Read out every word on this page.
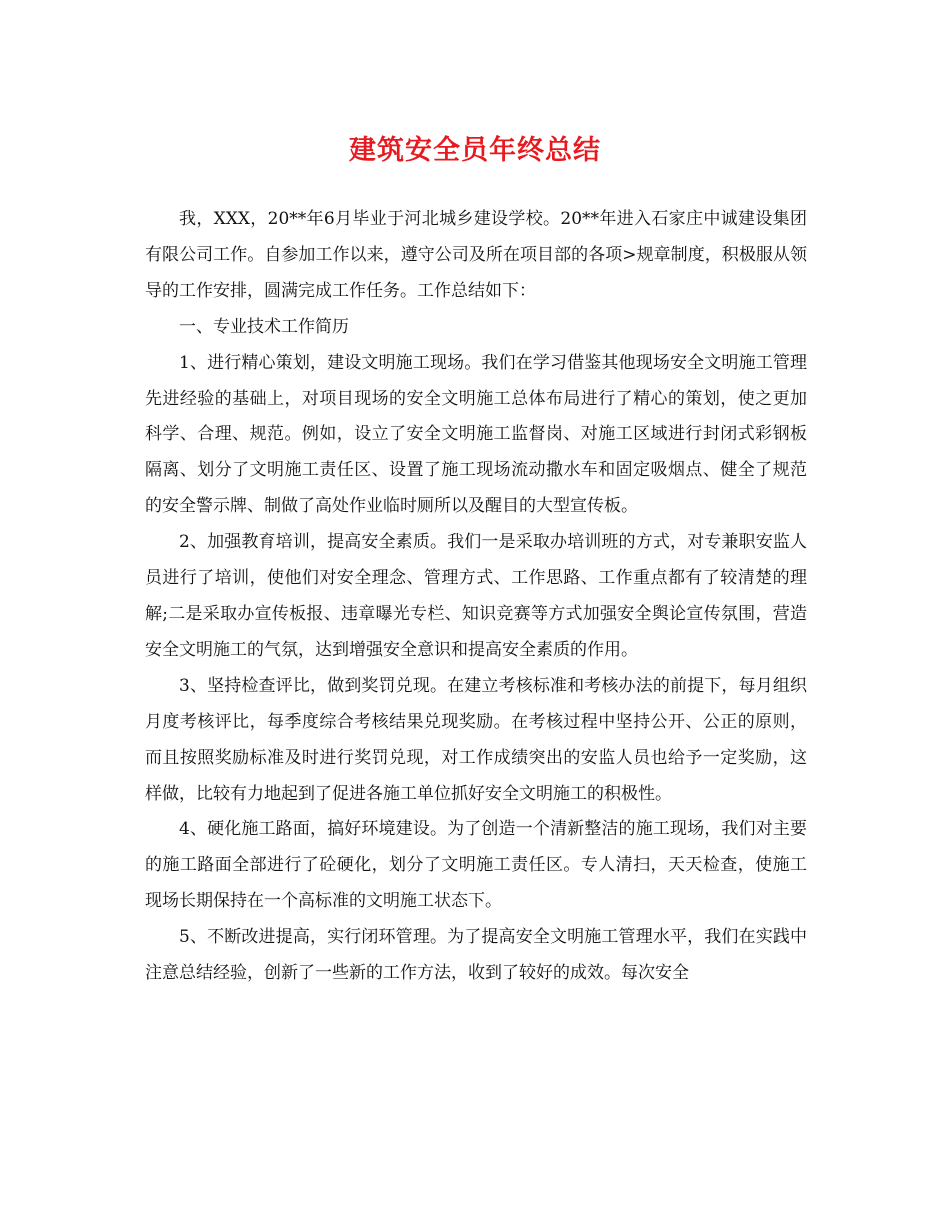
建筑安全员年终总结

我，XXX，20**年6月毕业于河北城乡建设学校。20**年进入石家庄中诚建设集团有限公司工作。自参加工作以来，遵守公司及所在项目部的各项>规章制度，积极服从领导的工作安排，圆满完成工作任务。工作总结如下：

一、专业技术工作简历

1、进行精心策划，建设文明施工现场。我们在学习借鉴其他现场安全文明施工管理先进经验的基础上，对项目现场的安全文明施工总体布局进行了精心的策划，使之更加科学、合理、规范。例如，设立了安全文明施工监督岗、对施工区域进行封闭式彩钢板隔离、划分了文明施工责任区、设置了施工现场流动撒水车和固定吸烟点、健全了规范的安全警示牌、制做了高处作业临时厕所以及醒目的大型宣传板。

2、加强教育培训，提高安全素质。我们一是采取办培训班的方式，对专兼职安监人员进行了培训，使他们对安全理念、管理方式、工作思路、工作重点都有了较清楚的理解;二是采取办宣传板报、违章曝光专栏、知识竞赛等方式加强安全舆论宣传氛围，营造安全文明施工的气氛，达到增强安全意识和提高安全素质的作用。

3、坚持检查评比，做到奖罚兑现。在建立考核标准和考核办法的前提下，每月组织月度考核评比，每季度综合考核结果兑现奖励。在考核过程中坚持公开、公正的原则，而且按照奖励标准及时进行奖罚兑现，对工作成绩突出的安监人员也给予一定奖励，这样做，比较有力地起到了促进各施工单位抓好安全文明施工的积极性。

4、硬化施工路面，搞好环境建设。为了创造一个清新整洁的施工现场，我们对主要的施工路面全部进行了砼硬化，划分了文明施工责任区。专人清扫，天天检查，使施工现场长期保持在一个高标准的文明施工状态下。

5、不断改进提高，实行闭环管理。为了提高安全文明施工管理水平，我们在实践中注意总结经验，创新了一些新的工作方法，收到了较好的成效。每次安全
